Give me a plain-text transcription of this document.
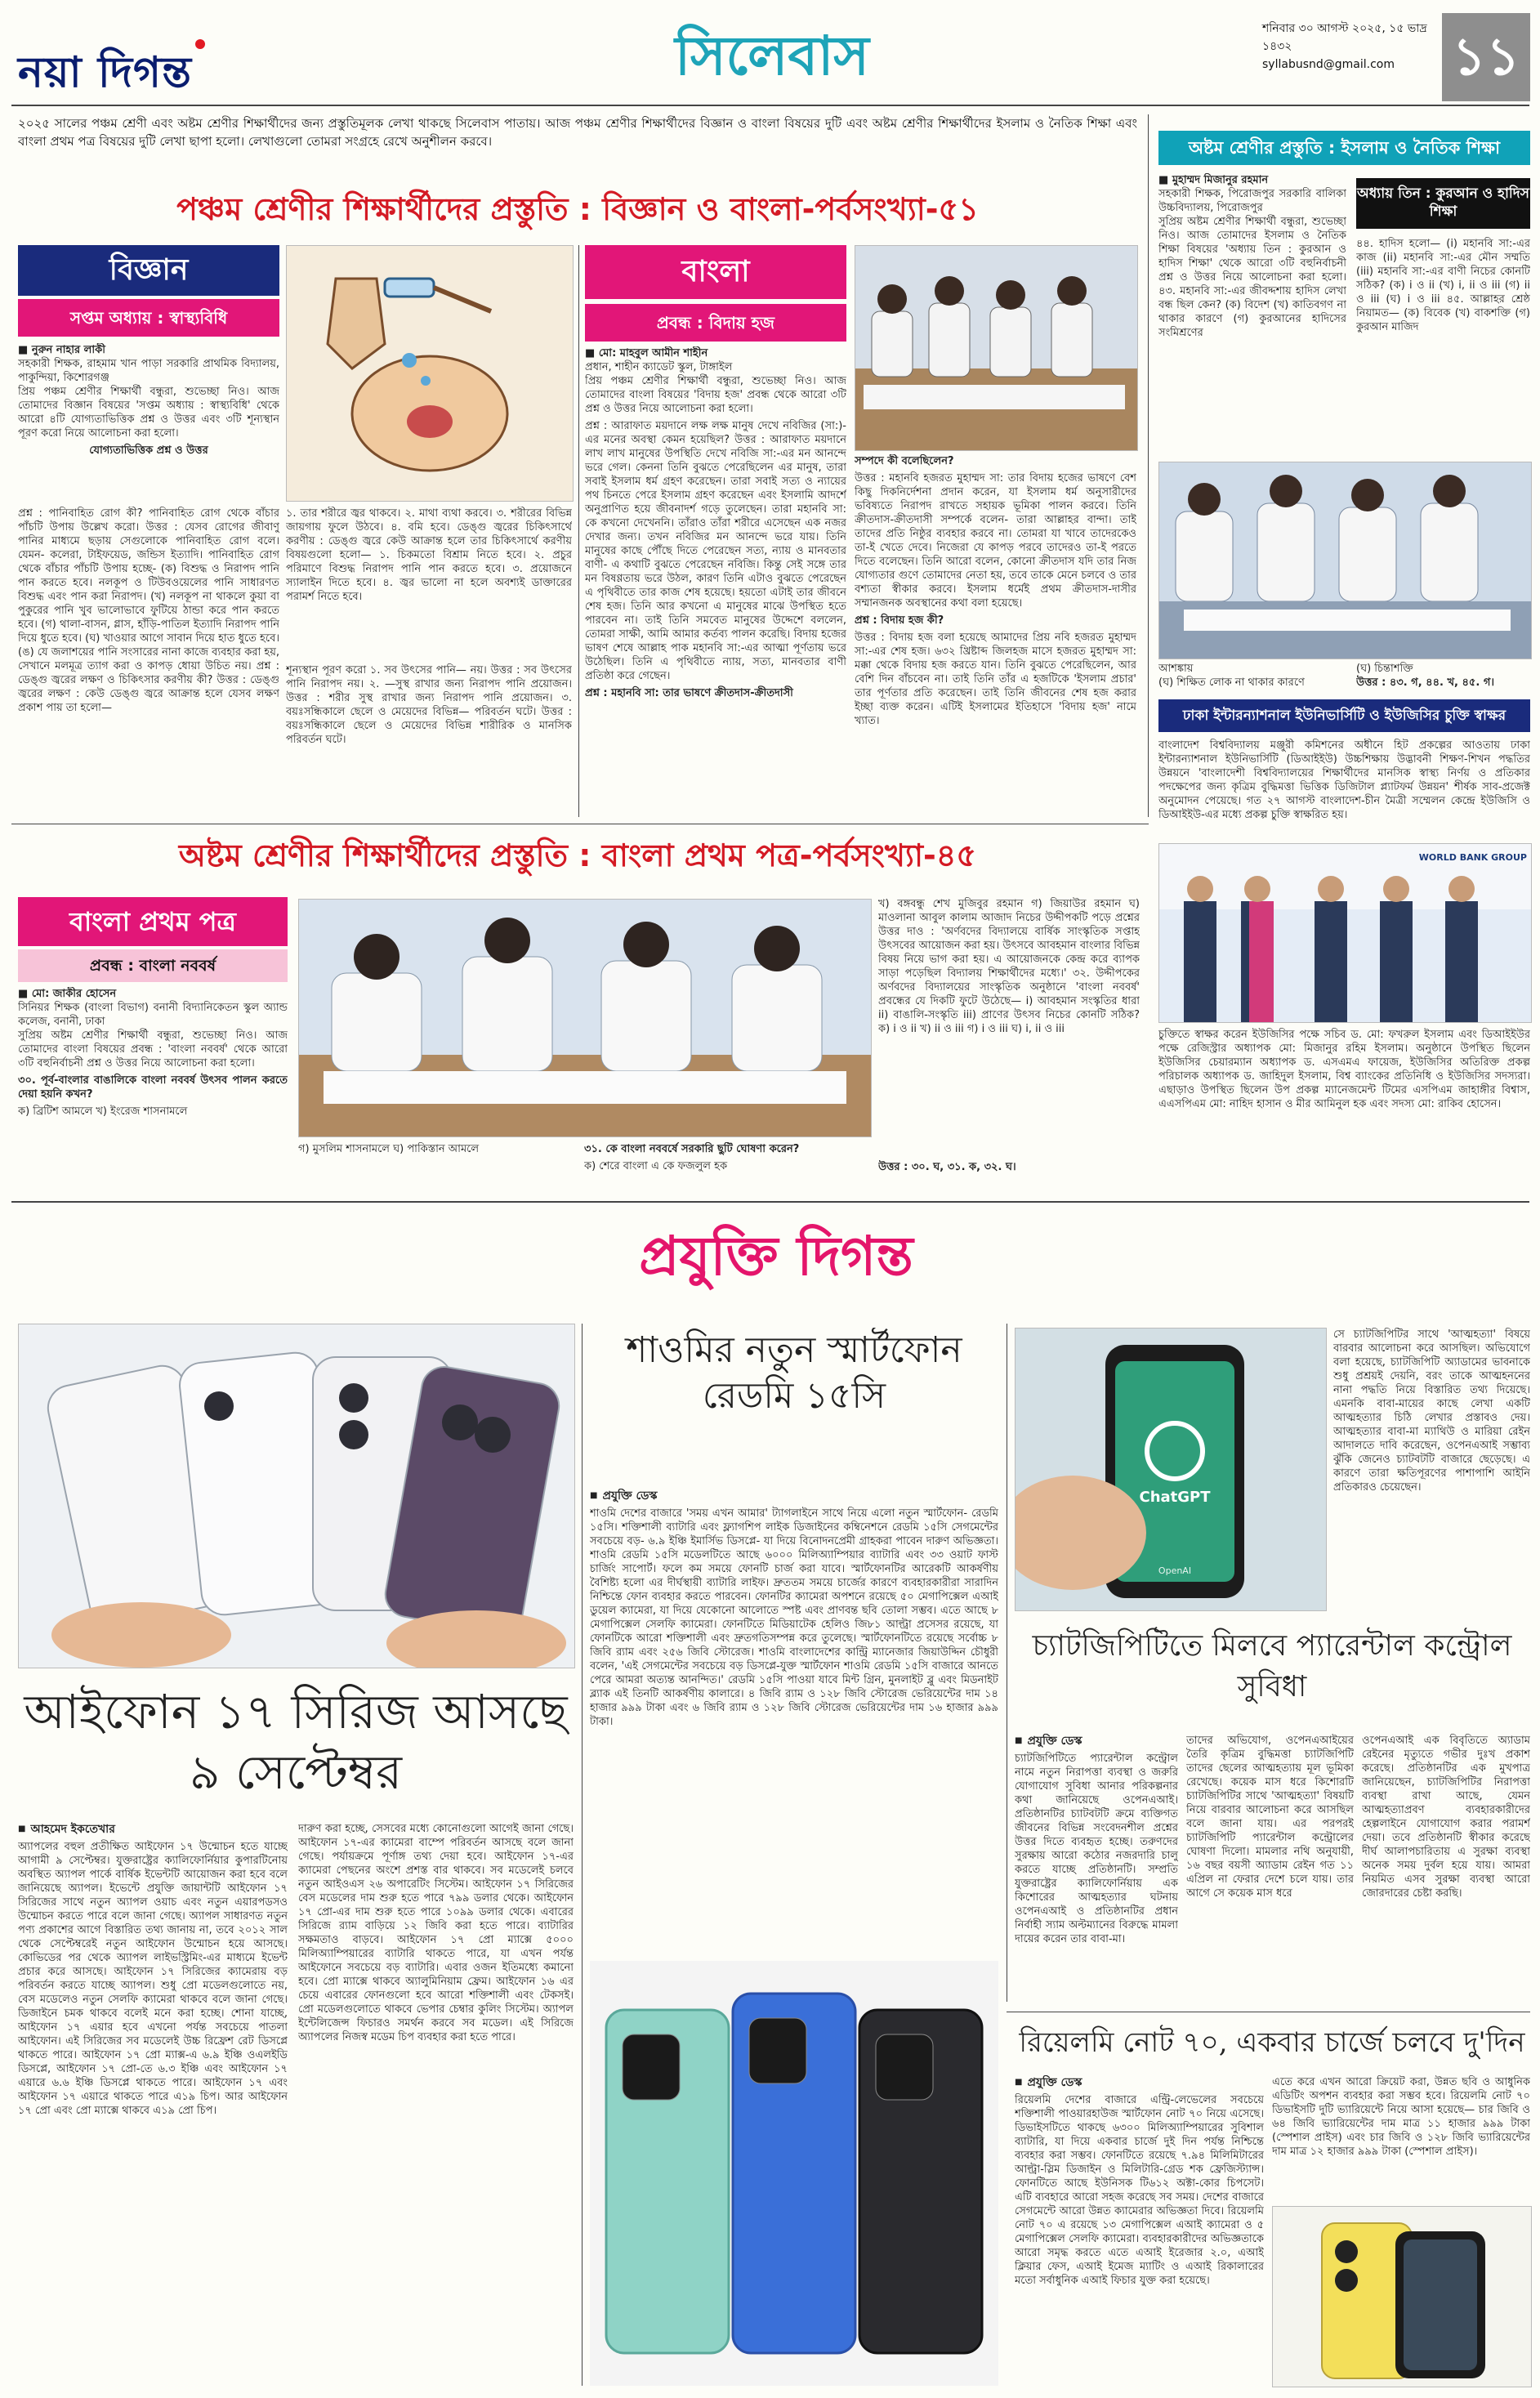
নয়া দিগন্ত	সিলেবাস	শনিবার ৩০ আগস্ট ২০২৫, ১৫ ভাদ্র ১৪৩২
syllabusnd@gmail.com	১১
২০২৫ সালের পঞ্চম শ্রেণী এবং অষ্টম শ্রেণীর শিক্ষার্থীদের জন্য প্রস্তুতিমূলক লেখা থাকছে সিলেবাস পাতায়। আজ পঞ্চম শ্রেণীর শিক্ষার্থীদের বিজ্ঞান ও বাংলা বিষয়ের দুটি এবং অষ্টম শ্রেণীর শিক্ষার্থীদের ইসলাম ও নৈতিক শিক্ষা এবং বাংলা প্রথম পত্র বিষয়ের দুটি লেখা ছাপা হলো। লেখাগুলো তোমরা সংগ্রহে রেখে অনুশীলন করবে।
পঞ্চম শ্রেণীর শিক্ষার্থীদের প্রস্তুতি : বিজ্ঞান ও বাংলা-পর্বসংখ্যা-৫১
বিজ্ঞান
সপ্তম অধ্যায় : স্বাস্থ্যবিধি
■ নুরুন নাহার লাকী
সহকারী শিক্ষক, রাহমাম খান পাড়া সরকারি প্রাথমিক বিদ্যালয়, পাকুন্দিয়া, কিশোরগঞ্জ

প্রিয় পঞ্চম শ্রেণীর শিক্ষার্থী বন্ধুরা, শুভেচ্ছা নিও। আজ তোমাদের বিজ্ঞান বিষয়ের 'সপ্তম অধ্যায় : স্বাস্থ্যবিধি' থেকে আরো ৪টি যোগ্যতাভিত্তিক প্রশ্ন ও উত্তর এবং ৩টি শূন্যস্থান পূরণ করো নিয়ে আলোচনা করা হলো।

যোগ্যতাভিত্তিক প্রশ্ন ও উত্তর

প্রশ্ন : পানিবাহিত রোগ কী? পানিবাহিত রোগ থেকে বাঁচার পাঁচটি উপায় উল্লেখ করো। উত্তর : যেসব রোগের জীবাণু পানির মাধ্যমে ছড়ায় সেগুলোকে পানিবাহিত রোগ বলে। যেমন- কলেরা, টাইফয়েড, জন্ডিস ইত্যাদি। পানিবাহিত রোগ থেকে বাঁচার পাঁচটি উপায় হচ্ছে- (ক) বিশুদ্ধ ও নিরাপদ পানি পান করতে হবে। নলকূপ ও টিউবওয়েলের পানি সাধারণত বিশুদ্ধ এবং পান করা নিরাপদ। (খ) নলকূপ না থাকলে কুয়া বা পুকুরের পানি খুব ভালোভাবে ফুটিয়ে ঠান্ডা করে পান করতে হবে। (গ) থালা-বাসন, গ্লাস, হাঁড়ি-পাতিল ইত্যাদি নিরাপদ পানি দিয়ে ধুতে হবে। (ঘ) খাওয়ার আগে সাবান দিয়ে হাত ধুতে হবে। (ঙ) যে জলাশয়ের পানি সংসারের নানা কাজে ব্যবহার করা হয়, সেখানে মলমূত্র ত্যাগ করা ও কাপড় ধোয়া উচিত নয়। প্রশ্ন : ডেঙ্গু জ্বরের লক্ষণ ও চিকিৎসার করণীয় কী? উত্তর : ডেঙ্গু জ্বরের লক্ষণ : কেউ ডেঙ্গু জ্বরে আক্রান্ত হলে যেসব লক্ষণ প্রকাশ পায় তা হলো—
১. তার শরীরে জ্বর থাকবে। ২. মাথা ব্যথা করবে। ৩. শরীরের বিভিন্ন জায়গায় ফুলে উঠবে। ৪. বমি হবে। ডেঙ্গু জ্বরের চিকিৎসার্থে করণীয় : ডেঙ্গু জ্বরে কেউ আক্রান্ত হলে তার চিকিৎসার্থে করণীয় বিষয়গুলো হলো— ১. চিকমতো বিশ্রাম নিতে হবে। ২. প্রচুর পরিমাণে বিশুদ্ধ নিরাপদ পানি পান করতে হবে। ৩. প্রয়োজনে স্যালাইন দিতে হবে। ৪. জ্বর ভালো না হলে অবশ্যই ডাক্তারের পরামর্শ নিতে হবে।
শূন্যস্থান পূরণ করো ১. সব উৎসের পানি— নয়। উত্তর : সব উৎসের পানি নিরাপদ নয়। ২. —সুস্থ রাখার জন্য নিরাপদ পানি প্রয়োজন। উত্তর : শরীর সুস্থ রাখার জন্য নিরাপদ পানি প্রয়োজন। ৩. বয়ঃসন্ধিকালে ছেলে ও মেয়েদের বিভিন্ন— পরিবর্তন ঘটে। উত্তর : বয়ঃসন্ধিকালে ছেলে ও মেয়েদের বিভিন্ন শারীরিক ও মানসিক পরিবর্তন ঘটে।
বাংলা
প্রবন্ধ : বিদায় হজ
■ মো: মাহবুল আমীন শাহীন
প্রধান, শাহীন ক্যাডেট স্কুল, টাঙ্গাইল

প্রিয় পঞ্চম শ্রেণীর শিক্ষার্থী বন্ধুরা, শুভেচ্ছা নিও। আজ তোমাদের বাংলা বিষয়ের 'বিদায় হজ' প্রবন্ধ থেকে আরো ৩টি প্রশ্ন ও উত্তর নিয়ে আলোচনা করা হলো।

প্রশ্ন : আরাফাত ময়দানে লক্ষ লক্ষ মানুষ দেখে নবিজির (সা:)-এর মনের অবস্থা কেমন হয়েছিল? উত্তর : আরাফাত ময়দানে লাখ লাখ মানুষের উপস্থিতি দেখে নবিজি সা:-এর মন আনন্দে ভরে গেল। কেননা তিনি বুঝতে পেরেছিলেন এর মানুষ, তারা সবাই ইসলাম ধর্ম গ্রহণ করেছেন। তারা সবাই সত্য ও ন্যায়ের পথ চিনতে পেরে ইসলাম গ্রহণ করেছেন এবং ইসলামি আদর্শে অনুপ্রাণিত হয়ে জীবনাদর্শ গড়ে তুলেছেন। তারা মহানবি সা: কে কখনো দেখেননি। তাঁরাও তাঁরা শরীরে এসেছেন এক নজর দেখার জন্য। তখন নবিজির মন আনন্দে ভরে যায়। তিনি মানুষের কাছে পৌঁছে দিতে পেরেছেন সত্য, ন্যায় ও মানবতার বাণী- এ কথাটি বুঝতে পেরেছেন নবিজি। কিন্তু সেই সঙ্গে তার মন বিষণ্ণতায় ভরে উঠল, কারণ তিনি এটাও বুঝতে পেরেছেন এ পৃথিবীতে তার কাজ শেষ হয়েছে। হয়তো এটাই তার জীবনে শেষ হজ। তিনি আর কখনো এ মানুষের মাঝে উপস্থিত হতে পারবেন না। তাই তিনি সমবেত মানুষের উদ্দেশে বললেন, তোমরা সাক্ষী, আমি আমার কর্তব্য পালন করেছি। বিদায় হজের ভাষণ শেষে আল্লাহ পাক মহানবি সা:-এর আত্মা পূর্ণতায় ভরে উঠেছিল। তিনি এ পৃথিবীতে ন্যায়, সত্য, মানবতার বাণী প্রতিষ্ঠা করে গেছেন।

প্রশ্ন : মহানবি সা: তার ভাষণে ক্রীতদাস-ক্রীতদাসী

সম্পদে কী বলেছিলেন?

উত্তর : মহানবি হজরত মুহাম্মদ সা: তার বিদায় হজের ভাষণে বেশ কিছু দিকনির্দেশনা প্রদান করেন, যা ইসলাম ধর্ম অনুসারীদের ভবিষ্যতে নিরাপদ রাখতে সহায়ক ভূমিকা পালন করবে। তিনি ক্রীতদাস-ক্রীতদাসী সম্পর্কে বলেন- তারা আল্লাহর বান্দা। তাই তাদের প্রতি নিষ্ঠুর ব্যবহার করবে না। তোমরা যা খাবে তাদেরকেও তা-ই খেতে দেবে। নিজেরা যে কাপড় পরবে তাদেরও তা-ই পরতে দিতে বলেছেন। তিনি আরো বলেন, কোনো ক্রীতদাস যদি তার নিজ যোগ্যতার গুণে তোমাদের নেতা হয়, তবে তাকে মেনে চলবে ও তার বশ্যতা স্বীকার করবে। ইসলাম ধর্মেই প্রথম ক্রীতদাস-দাসীর সম্মানজনক অবস্থানের কথা বলা হয়েছে।

প্রশ্ন : বিদায় হজ কী?

উত্তর : বিদায় হজ বলা হয়েছে আমাদের প্রিয় নবি হজরত মুহাম্মদ সা:-এর শেষ হজ। ৬৩২ খ্রিষ্টাব্দ জিলহজ মাসে হজরত মুহাম্মদ সা: মক্কা থেকে বিদায় হজ করতে যান। তিনি বুঝতে পেরেছিলেন, আর বেশি দিন বাঁচবেন না। তাই তিনি তাঁর এ হজটিকে 'ইসলাম প্রচার' তার পূর্ণতার প্রতি করেছেন। তাই তিনি জীবনের শেষ হজ করার ইচ্ছা ব্যক্ত করেন। এটিই ইসলামের ইতিহাসে 'বিদায় হজ' নামে খ্যাত।

অষ্টম শ্রেণীর প্রস্তুতি : ইসলাম ও নৈতিক শিক্ষা
■ মুহাম্মদ মিজানুর রহমান
সহকারী শিক্ষক, পিরোজপুর সরকারি বালিকা উচ্চবিদ্যালয়, পিরোজপুর

সুপ্রিয় অষ্টম শ্রেণীর শিক্ষার্থী বন্ধুরা, শুভেচ্ছা নিও। আজ তোমাদের ইসলাম ও নৈতিক শিক্ষা বিষয়ের 'অধ্যায় তিন : কুরআন ও হাদিস শিক্ষা' থেকে আরো ৩টি বহুনির্বাচনী প্রশ্ন ও উত্তর নিয়ে আলোচনা করা হলো। ৪৩. মহানবি সা:-এর জীবদ্দশায় হাদিস লেখা বন্ধ ছিল কেন? (ক) বিদেশ (খ) কাতিবগণ না থাকার কারণে (গ) কুরআনের হাদিসের সংমিশ্রণের

অধ্যায় তিন : কুরআন ও হাদিস শিক্ষা
৪৪. হাদিস হলো— (i) মহানবি সা:-এর কাজ (ii) মহানবি সা:-এর মৌন সম্মতি (iii) মহানবি সা:-এর বাণী নিচের কোনটি সঠিক? (ক) i ও ii (খ) i, ii ও iii (গ) ii ও iii (ঘ) i ও iii ৪৫. আল্লাহর শ্রেষ্ঠ নিয়ামত— (ক) বিবেক (খ) বাকশক্তি (গ) কুরআন মাজিদ
আশঙ্কায়
(ঘ) শিক্ষিত লোক না থাকার কারণে
(ঘ) চিন্তাশক্তি
উত্তর : ৪৩. গ, ৪৪. খ, ৪৫. গ।
ঢাকা ইন্টারন্যাশনাল ইউনিভার্সিটি ও ইউজিসির চুক্তি স্বাক্ষর
বাংলাদেশ বিশ্ববিদ্যালয় মঞ্জুরী কমিশনের অধীনে হিট প্রকল্পের আওতায় ঢাকা ইন্টারন্যাশনাল ইউনিভার্সিটি (ডিআইইউ) উচ্চশিক্ষায় উদ্ভাবনী শিক্ষণ-শিখন পদ্ধতির উন্নয়নে 'বাংলাদেশী বিশ্ববিদ্যালয়ের শিক্ষার্থীদের মানসিক স্বাস্থ্য নির্ণয় ও প্রতিকার পদক্ষেপের জন্য কৃত্রিম বুদ্ধিমত্তা ভিত্তিক ডিজিটাল প্ল্যাটফর্ম উন্নয়ন' শীর্ষক সাব-প্রজেক্ট অনুমোদন পেয়েছে। গত ২৭ আগস্ট বাংলাদেশ-চীন মৈত্রী সম্মেলন কেন্দ্রে ইউজিসি ও ডিআইইউ-এর মধ্যে প্রকল্প চুক্তি স্বাক্ষরিত হয়।
WORLD BANK GROUP
চুক্তিতে স্বাক্ষর করেন ইউজিসির পক্ষে সচিব ড. মো: ফখরুল ইসলাম এবং ডিআইইউর পক্ষে রেজিস্ট্রার অধ্যাপক মো: মিজানুর রহিম ইসলাম। অনুষ্ঠানে উপস্থিত ছিলেন ইউজিসির চেয়ারম্যান অধ্যাপক ড. এসএমএ ফায়েজ, ইউজিসির অতিরিক্ত প্রকল্প পরিচালক অধ্যাপক ড. জাহিদুল ইসলাম, বিশ্ব ব্যাংকের প্রতিনিধি ও ইউজিসির সদস্যরা। এছাড়াও উপস্থিত ছিলেন উপ প্রকল্প ম্যানেজমেন্ট টিমের এসপিএম জাহাঙ্গীর বিশ্বাস, এএসপিএম মো: নাহিদ হাসান ও মীর আমিনুল হক এবং সদস্য মো: রাকিব হোসেন।
অষ্টম শ্রেণীর শিক্ষার্থীদের প্রস্তুতি : বাংলা প্রথম পত্র-পর্বসংখ্যা-৪৫
বাংলা প্রথম পত্র
প্রবন্ধ : বাংলা নববর্ষ
■ মো: জাকীর হোসেন
সিনিয়র শিক্ষক (বাংলা বিভাগ) বনানী বিদ্যানিকেতন স্কুল অ্যান্ড কলেজ, বনানী, ঢাকা

সুপ্রিয় অষ্টম শ্রেণীর শিক্ষার্থী বন্ধুরা, শুভেচ্ছা নিও। আজ তোমাদের বাংলা বিষয়ের প্রবন্ধ : 'বাংলা নববর্ষ' থেকে আরো ৩টি বহুনির্বাচনী প্রশ্ন ও উত্তর নিয়ে আলোচনা করা হলো।

৩০. পূর্ব-বাংলার বাঙালিকে বাংলা নববর্ষ উৎসব পালন করতে দেয়া হয়নি কখন?

ক) ব্রিটিশ আমলে খ) ইংরেজ শাসনামলে

গ) মুসলিম শাসনামলে ঘ) পাকিস্তান আমলে	৩১. কে বাংলা নববর্ষে সরকারি ছুটি ঘোষণা করেন?

ক) শেরে বাংলা এ কে ফজলুল হক

খ) বঙ্গবন্ধু শেখ মুজিবুর রহমান গ) জিয়াউর রহমান ঘ) মাওলানা আবুল কালাম আজাদ নিচের উদ্দীপকটি পড়ে প্রশ্নের উত্তর দাও : 'অর্ণবদের বিদ্যালয়ে বার্ষিক সাংস্কৃতিক সপ্তাহ উৎসবের আয়োজন করা হয়। উৎসবে আবহমান বাংলার বিভিন্ন বিষয় নিয়ে ভাগ করা হয়। এ আয়োজনকে কেন্দ্র করে ব্যাপক সাড়া পড়েছিল বিদ্যালয় শিক্ষার্থীদের মধ্যে।' ৩২. উদ্দীপকের অর্ণবদের বিদ্যালয়ের সাংস্কৃতিক অনুষ্ঠানে 'বাংলা নববর্ষ' প্রবন্ধের যে দিকটি ফুটে উঠেছে— i) আবহমান সংস্কৃতির ধারা ii) বাঙালি-সংস্কৃতি iii) প্রাণের উৎসব নিচের কোনটি সঠিক? ক) i ও ii খ) ii ও iii গ) i ও iii ঘ) i, ii ও iii
উত্তর : ৩০. ঘ, ৩১. ক, ৩২. ঘ।
প্রযুক্তি দিগন্ত
আইফোন ১৭ সিরিজ আসছে ৯ সেপ্টেম্বর
■ আহমেদ ইকতেখার
অ্যাপলের বহুল প্রতীক্ষিত আইফোন ১৭ উন্মোচন হতে যাচ্ছে আগামী ৯ সেপ্টেম্বর। যুক্তরাষ্ট্রের ক্যালিফোর্নিয়ার কুপারটিনোয় অবস্থিত অ্যাপল পার্কে বার্ষিক ইভেন্টটি আয়োজন করা হবে বলে জানিয়েছে অ্যাপল। ইভেন্টে প্রযুক্তি জায়ান্টটি আইফোন ১৭ সিরিজের সাথে নতুন অ্যাপল ওয়াচ এবং নতুন এয়ারপডসও উন্মোচন করতে পারে বলে জানা গেছে। অ্যাপল সাধারণত নতুন পণ্য প্রকাশের আগে বিস্তারিত তথ্য জানায় না, তবে ২০১২ সাল থেকে সেপ্টেম্বরেই নতুন আইফোন উন্মোচন হয়ে আসছে। কোভিডের পর থেকে অ্যাপল লাইভস্ট্রিমিং-এর মাধ্যমে ইভেন্ট প্রচার করে আসছে। আইফোন ১৭ সিরিজের ক্যামেরায় বড় পরিবর্তন করতে যাচ্ছে অ্যাপল। শুধু প্রো মডেলগুলোতে নয়, বেস মডেলেও নতুন সেলফি ক্যামেরা থাকবে বলে জানা গেছে। ডিজাইনে চমক থাকবে বলেই মনে করা হচ্ছে। শোনা যাচ্ছে, আইফোন ১৭ এয়ার হবে এখনো পর্যন্ত সবচেয়ে পাতলা আইফোন। এই সিরিজের সব মডেলেই উচ্চ রিফ্রেশ রেট ডিসপ্লে থাকতে পারে। আইফোন ১৭ প্রো ম্যাক্স-এ ৬.৯ ইঞ্চি ওএলইডি ডিসপ্লে, আইফোন ১৭ প্রো-তে ৬.৩ ইঞ্চি এবং আইফোন ১৭ এয়ারে ৬.৬ ইঞ্চি ডিসপ্লে থাকতে পারে। আইফোন ১৭ এবং আইফোন ১৭ এয়ারে থাকতে পারে এ১৯ চিপ। আর আইফোন ১৭ প্রো এবং প্রো ম্যাক্সে থাকবে এ১৯ প্রো চিপ।
দারুণ করা হচ্ছে, সেসবের মধ্যে কোনোগুলো আগেই জানা গেছে। আইফোন ১৭-এর ক্যামেরা বাম্পে পরিবর্তন আসছে বলে জানা গেছে। পর্যায়ক্রমে পূর্ণাঙ্গ তথ্য দেয়া হবে। আইফোন ১৭-এর ক্যামেরা পেছনের অংশে প্রশস্ত বার থাকবে। সব মডেলেই চলবে নতুন আইওএস ২৬ অপারেটিং সিস্টেম। আইফোন ১৭ সিরিজের বেস মডেলের দাম শুরু হতে পারে ৭৯৯ ডলার থেকে। আইফোন ১৭ প্রো-এর দাম শুরু হতে পারে ১০৯৯ ডলার থেকে। এবারের সিরিজে র‍্যাম বাড়িয়ে ১২ জিবি করা হতে পারে। ব্যাটারির সক্ষমতাও বাড়বে। আইফোন ১৭ প্রো ম্যাক্সে ৫০০০ মিলিঅ্যাম্পিয়ারের ব্যাটারি থাকতে পারে, যা এখন পর্যন্ত আইফোনে সবচেয়ে বড় ব্যাটারি। এবার ওজন ইতিমধ্যে কমানো হবে। প্রো ম্যাক্সে থাকবে অ্যালুমিনিয়াম ফ্রেম। আইফোন ১৬ এর চেয়ে এবারের ফোনগুলো হবে আরো শক্তিশালী এবং টেকসই। প্রো মডেলগুলোতে থাকবে ভেপার চেম্বার কুলিং সিস্টেম। অ্যাপল ইন্টেলিজেন্স ফিচারও সমর্থন করবে সব মডেল। এই সিরিজে অ্যাপলের নিজস্ব মডেম চিপ ব্যবহার করা হতে পারে।
শাওমির নতুন স্মার্টফোন রেডমি ১৫সি
■ প্রযুক্তি ডেস্ক
শাওমি দেশের বাজারে 'সময় এখন আমার' ট্যাগলাইনে সাথে নিয়ে এলো নতুন স্মার্টফোন- রেডমি ১৫সি। শক্তিশালী ব্যাটারি এবং ফ্ল্যাগশিপ লাইক ডিজাইনের কম্বিনেশনে রেডমি ১৫সি সেগমেন্টের সবচেয়ে বড়- ৬.৯ ইঞ্চি ইমার্সিভ ডিসপ্লে- যা দিয়ে বিনোদনপ্রেমী গ্রাহকরা পাবেন দারুণ অভিজ্ঞতা। শাওমি রেডমি ১৫সি মডেলটিতে আছে ৬০০০ মিলিঅ্যাম্পিয়ার ব্যাটারি এবং ৩৩ ওয়াট ফাস্ট চার্জিং সাপোর্ট। ফলে কম সময়ে ফোনটি চার্জ করা যাবে। স্মার্টফোনটির আরেকটি আকর্ষণীয় বৈশিষ্ট্য হলো এর দীর্ঘস্থায়ী ব্যাটারি লাইফ। দ্রুততম সময়ে চার্জের কারণে ব্যবহারকারীরা সারাদিন নিশ্চিন্তে ফোন ব্যবহার করতে পারবেন। ফোনটির ক্যামেরা অপশনে রয়েছে ৫০ মেগাপিক্সেল এআই ডুয়েল ক্যামেরা, যা দিয়ে যেকোনো আলোতে স্পষ্ট এবং প্রাণবন্ত ছবি তোলা সম্ভব। এতে আছে ৮ মেগাপিক্সেল সেলফি ক্যামেরা। ফোনটিতে মিডিয়াটেক হেলিও জি৮১ আল্ট্রা প্রসেসর রয়েছে, যা ফোনটিকে আরো শক্তিশালী এবং দ্রুতগতিসম্পন্ন করে তুলেছে। স্মার্টফোনটিতে রয়েছে সর্বোচ্চ ৮ জিবি র‍্যাম এবং ২৫৬ জিবি স্টোরেজ। শাওমি বাংলাদেশের কান্ট্রি ম্যানেজার জিয়াউদ্দিন চৌধুরী বলেন, 'এই সেগমেন্টের সবচেয়ে বড় ডিসপ্লে-যুক্ত স্মার্টফোন শাওমি রেডমি ১৫সি বাজারে আনতে পেরে আমরা অত্যন্ত আনন্দিত।' রেডমি ১৫সি পাওয়া যাবে মিন্ট গ্রিন, মুনলাইট ব্লু এবং মিডনাইট ব্ল্যাক এই তিনটি আকর্ষণীয় কালারে। ৪ জিবি র‍্যাম ও ১২৮ জিবি স্টোরেজ ভেরিয়েন্টের দাম ১৪ হাজার ৯৯৯ টাকা এবং ৬ জিবি র‍্যাম ও ১২৮ জিবি স্টোরেজ ভেরিয়েন্টের দাম ১৬ হাজার ৯৯৯ টাকা।
ChatGPT
OpenAI
সে চ্যাটজিপিটির সাথে 'আত্মহত্যা' বিষয়ে বারবার আলোচনা করে আসছিল। অভিযোগে বলা হয়েছে, চ্যাটজিপিটি অ্যাডামের ভাবনাকে শুধু প্রশ্রয়ই দেয়নি, বরং তাকে আত্মহননের নানা পদ্ধতি নিয়ে বিস্তারিত তথ্য দিয়েছে। এমনকি বাবা-মায়ের কাছে লেখা একটি আত্মহত্যার চিঠি লেখার প্রস্তাবও দেয়। আত্মহত্যার বাবা-মা ম্যাথিউ ও মারিয়া রেইন আদালতে দাবি করেছেন, ওপেনএআই সম্ভাব্য ঝুঁকি জেনেও চ্যাটবটটি বাজারে ছেড়েছে। এ কারণে তারা ক্ষতিপূরণের পাশাপাশি আইনি প্রতিকারও চেয়েছেন।
চ্যাটজিপিটিতে মিলবে প্যারেন্টাল কন্ট্রোল সুবিধা
■ প্রযুক্তি ডেস্ক
চ্যাটজিপিটিতে প্যারেন্টাল কন্ট্রোল নামে নতুন নিরাপত্তা ব্যবস্থা ও জরুরি যোগাযোগ সুবিধা আনার পরিকল্পনার কথা জানিয়েছে ওপেনএআই। প্রতিষ্ঠানটির চ্যাটবটটি ক্রমে ব্যক্তিগত জীবনের বিভিন্ন সংবেদনশীল প্রশ্নের উত্তর দিতে ব্যবহৃত হচ্ছে। তরুণদের সুরক্ষায় আরো কঠোর নজরদারি চালু করতে যাচ্ছে প্রতিষ্ঠানটি। সম্প্রতি যুক্তরাষ্ট্রের ক্যালিফোর্নিয়ায় এক কিশোরের আত্মহত্যার ঘটনায় ওপেনএআই ও প্রতিষ্ঠানটির প্রধান নির্বাহী স্যাম অল্টম্যানের বিরুদ্ধে মামলা দায়ের করেন তার বাবা-মা।
তাদের অভিযোগ, ওপেনএআইয়ের তৈরি কৃত্রিম বুদ্ধিমত্তা চ্যাটজিপিটি তাদের ছেলের আত্মহত্যায় মূল ভূমিকা রেখেছে। কয়েক মাস ধরে কিশোরটি চ্যাটজিপিটির সাথে 'আত্মহত্যা' বিষয়টি নিয়ে বারবার আলোচনা করে আসছিল বলে জানা যায়। এর পরপরই চ্যাটজিপিটি প্যারেন্টাল কন্ট্রোলের ঘোষণা দিলো। মামলার নথি অনুযায়ী, ১৬ বছর বয়সী অ্যাডাম রেইন গত ১১ এপ্রিল না ফেরার দেশে চলে যায়। তার আগে সে কয়েক মাস ধরে
ওপেনএআই এক বিবৃতিতে অ্যাডাম রেইনের মৃত্যুতে গভীর দুঃখ প্রকাশ করেছে। প্রতিষ্ঠানটির এক মুখপাত্র জানিয়েছেন, চ্যাটজিপিটির নিরাপত্তা ব্যবস্থা রাখা আছে, যেমন আত্মহত্যাপ্রবণ ব্যবহারকারীদের হেল্পলাইনে যোগাযোগ করার পরামর্শ দেয়া। তবে প্রতিষ্ঠানটি স্বীকার করেছে দীর্ঘ আলাপচারিতায় এ সুরক্ষা ব্যবস্থা অনেক সময় দুর্বল হয়ে যায়। আমরা নিয়মিত এসব সুরক্ষা ব্যবস্থা আরো জোরদারের চেষ্টা করছি।
রিয়েলমি নোট ৭০, একবার চার্জে চলবে দু'দিন
■ প্রযুক্তি ডেস্ক
রিয়েলমি দেশের বাজারে এন্ট্রি-লেভেলের সবচেয়ে শক্তিশালী পাওয়ারহাউজ স্মার্টফোন নোট ৭০ নিয়ে এসেছে। ডিভাইসটিতে থাকছে ৬৩০০ মিলিঅ্যাম্পিয়ারের সুবিশাল ব্যাটারি, যা দিয়ে একবার চার্জে দুই দিন পর্যন্ত নিশ্চিন্তে ব্যবহার করা সম্ভব। ফোনটিতে রয়েছে ৭.৯৪ মিলিমিটারের আল্ট্রা-স্লিম ডিজাইন ও মিলিটারি-গ্রেড শক ফ্রেজিস্ট্যান্স। ফোনটিতে আছে ইউনিসক টি৬১২ অক্টা-কোর চিপসেট। এটি ব্যবহারে আরো সহজ করেছে সব সময়। দেশের বাজারে সেগমেন্টে আরো উন্নত ক্যামেরার অভিজ্ঞতা দিবে। রিয়েলমি নোট ৭০ এ রয়েছে ১৩ মেগাপিক্সেল এআই ক্যামেরা ও ৫ মেগাপিক্সেল সেলফি ক্যামেরা। ব্যবহারকারীদের অভিজ্ঞতাকে আরো সমৃদ্ধ করতে এতে এআই ইরেজার ২.০, এআই ক্লিয়ার ফেস, এআই ইমেজ ম্যাটিং ও এআই রিকালারের মতো সর্বাধুনিক এআই ফিচার যুক্ত করা হয়েছে।
এতে করে এখন আরো ক্রিয়েট করা, উন্নত ছবি ও আধুনিক এডিটিং অপশন ব্যবহার করা সম্ভব হবে। রিয়েলমি নোট ৭০ ডিভাইসটি দুটি ভ্যারিয়েন্টে নিয়ে আসা হয়েছে— চার জিবি ও ৬৪ জিবি ভ্যারিয়েন্টের দাম মাত্র ১১ হাজার ৯৯৯ টাকা (স্পেশাল প্রাইস) এবং চার জিবি ও ১২৮ জিবি ভ্যারিয়েন্টের দাম মাত্র ১২ হাজার ৯৯৯ টাকা (স্পেশাল প্রাইস)।
